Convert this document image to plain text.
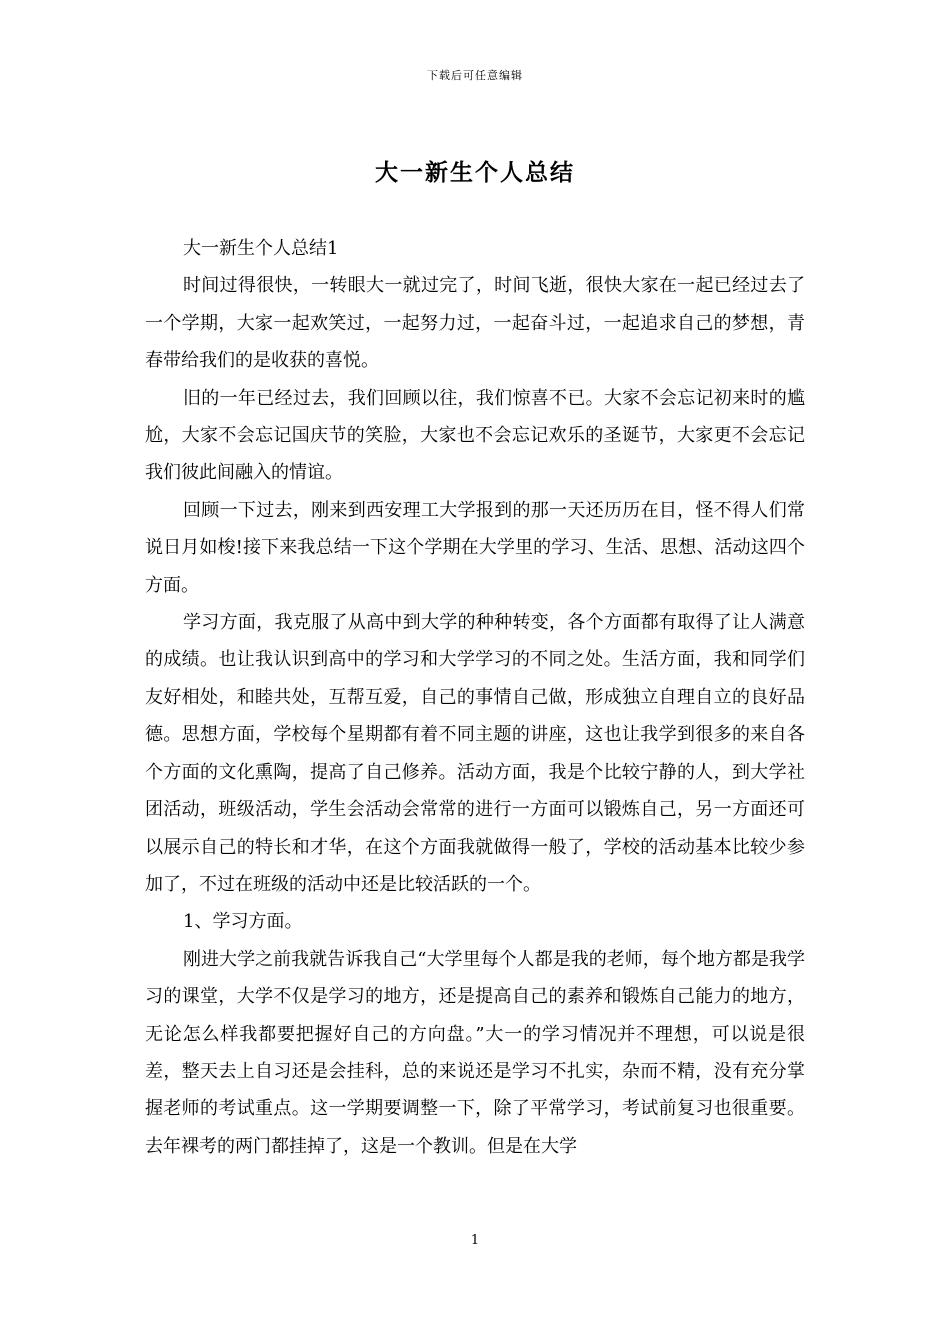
下载后可任意编辑
大一新生个人总结

大一新生个人总结1

时间过得很快，一转眼大一就过完了，时间飞逝，很快大家在一起已经过去了一个学期，大家一起欢笑过，一起努力过，一起奋斗过，一起追求自己的梦想，青春带给我们的是收获的喜悦。

旧的一年已经过去，我们回顾以往，我们惊喜不已。大家不会忘记初来时的尴尬，大家不会忘记国庆节的笑脸，大家也不会忘记欢乐的圣诞节，大家更不会忘记我们彼此间融入的情谊。

回顾一下过去，刚来到西安理工大学报到的那一天还历历在目，怪不得人们常说日月如梭!接下来我总结一下这个学期在大学里的学习、生活、思想、活动这四个方面。

学习方面，我克服了从高中到大学的种种转变，各个方面都有取得了让人满意的成绩。也让我认识到高中的学习和大学学习的不同之处。生活方面，我和同学们友好相处，和睦共处，互帮互爱，自己的事情自己做，形成独立自理自立的良好品德。思想方面，学校每个星期都有着不同主题的讲座，这也让我学到很多的来自各个方面的文化熏陶，提高了自己修养。活动方面，我是个比较宁静的人，到大学社团活动，班级活动，学生会活动会常常的进行一方面可以锻炼自己，另一方面还可以展示自己的特长和才华，在这个方面我就做得一般了，学校的活动基本比较少参加了，不过在班级的活动中还是比较活跃的一个。

1、学习方面。

刚进大学之前我就告诉我自己“大学里每个人都是我的老师，每个地方都是我学习的课堂，大学不仅是学习的地方，还是提高自己的素养和锻炼自己能力的地方，无论怎么样我都要把握好自己的方向盘。”大一的学习情况并不理想，可以说是很差，整天去上自习还是会挂科，总的来说还是学习不扎实，杂而不精，没有充分掌握老师的考试重点。这一学期要调整一下，除了平常学习，考试前复习也很重要。去年裸考的两门都挂掉了，这是一个教训。但是在大学

1
